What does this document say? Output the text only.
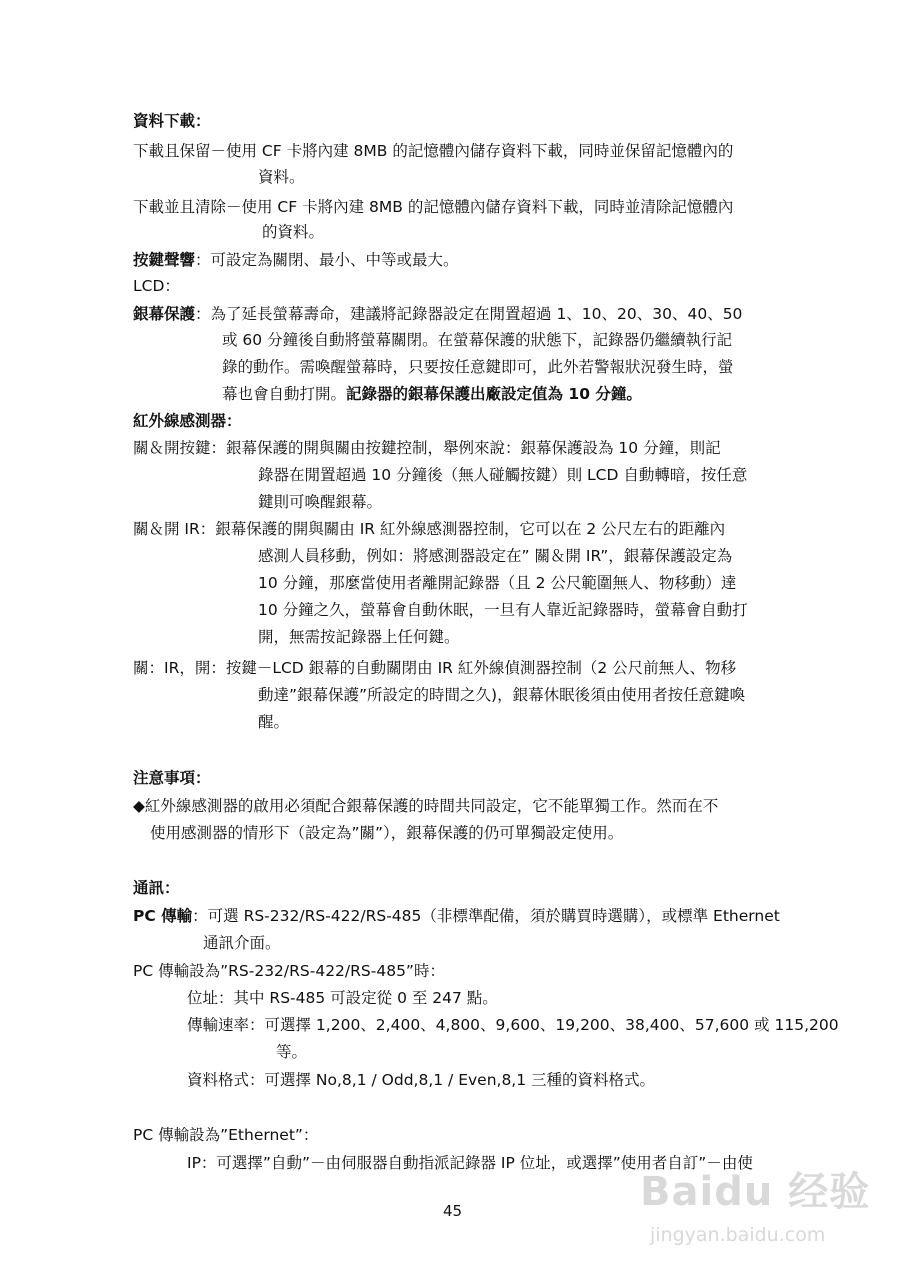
資料下載：
下載且保留－使用 CF 卡將內建 8MB 的記憶體內儲存資料下載，同時並保留記憶體內的
資料。
下載並且清除－使用 CF 卡將內建 8MB 的記憶體內儲存資料下載，同時並清除記憶體內
的資料。
按鍵聲響：可設定為關閉、最小、中等或最大。
LCD：
銀幕保護：為了延長螢幕壽命，建議將記錄器設定在閒置超過 1、10、20、30、40、50
或 60 分鐘後自動將螢幕關閉。在螢幕保護的狀態下，記錄器仍繼續執行記
錄的動作。需喚醒螢幕時，只要按任意鍵即可，此外若警報狀況發生時，螢
幕也會自動打開。記錄器的銀幕保護出廠設定值為 10 分鐘。
紅外線感測器：
關＆開按鍵：銀幕保護的開與關由按鍵控制，舉例來說：銀幕保護設為 10 分鐘，則記
錄器在閒置超過 10 分鐘後（無人碰觸按鍵）則 LCD 自動轉暗，按任意
鍵則可喚醒銀幕。
關＆開 IR：銀幕保護的開與關由 IR 紅外線感測器控制，它可以在 2 公尺左右的距離內
感測人員移動，例如：將感測器設定在” 關＆開 IR”，銀幕保護設定為
10 分鐘，那麼當使用者離開記錄器（且 2 公尺範圍無人、物移動）達
10 分鐘之久，螢幕會自動休眠，一旦有人靠近記錄器時，螢幕會自動打
開，無需按記錄器上任何鍵。
關：IR，開：按鍵－LCD 銀幕的自動關閉由 IR 紅外線偵測器控制（2 公尺前無人、物移
動達”銀幕保護”所設定的時間之久)，銀幕休眠後須由使用者按任意鍵喚
醒。
注意事項：
◆紅外線感測器的啟用必須配合銀幕保護的時間共同設定，它不能單獨工作。然而在不
使用感測器的情形下（設定為”關”），銀幕保護的仍可單獨設定使用。
通訊：
PC 傳輸：可選 RS-232/RS-422/RS-485（非標準配備，須於購買時選購），或標準 Ethernet
通訊介面。
PC 傳輸設為”RS-232/RS-422/RS-485”時：
位址：其中 RS-485 可設定從 0 至 247 點。
傳輸速率：可選擇 1,200、2,400、4,800、9,600、19,200、38,400、57,600 或 115,200
等。
資料格式：可選擇 No,8,1 / Odd,8,1 / Even,8,1 三種的資料格式。
PC 傳輸設為”Ethernet”：
IP：可選擇”自動”－由伺服器自動指派記錄器 IP 位址，或選擇”使用者自訂”－由使
45	Baidu 经验
jingyan.baidu.com
